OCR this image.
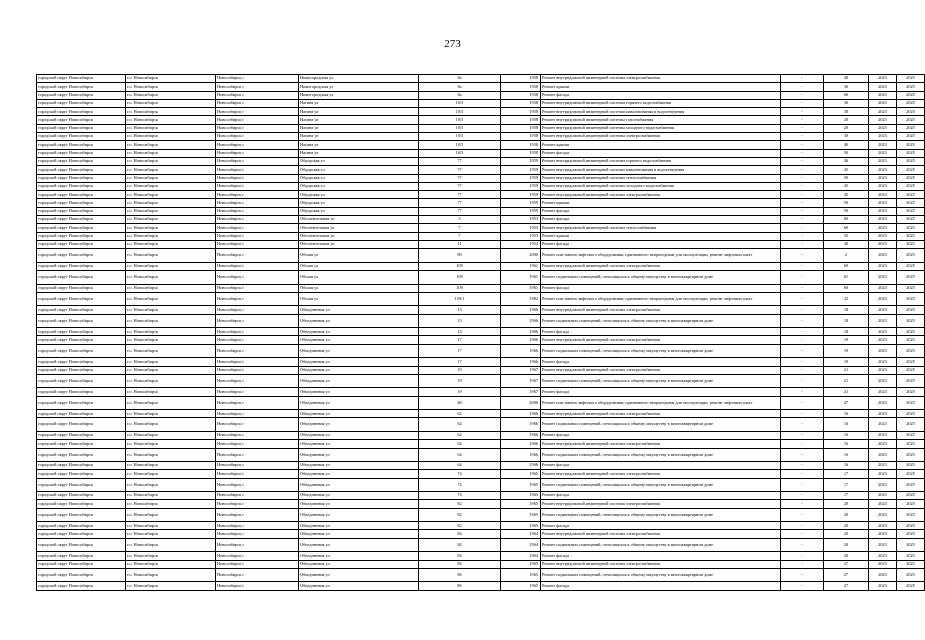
273
городской округ Новосибирск	г.о. Новосибирск	Новосибирск г	Нижегородская ул	8а	1958	Ремонт внутридомовой инженерной системы электроснабжения	-	40	2023	2025
городской округ Новосибирск	г.о. Новосибирск	Новосибирск г	Нижегородская ул	8а	1958	Ремонт крыши	-	30	2023	2025
городской округ Новосибирск	г.о. Новосибирск	Новосибирск г	Нижегородская ул	8а	1958	Ремонт фасада	-	60	2023	2025
городской округ Новосибирск	г.о. Новосибирск	Новосибирск г	Нагина ул	10/5	1958	Ремонт внутридомовой инженерной системы горячего водоснабжения	-	30	2023	2025
городской округ Новосибирск	г.о. Новосибирск	Новосибирск г	Нагина ул	10/5	1958	Ремонт внутридомовой инженерной системы канализования и водоотведения	-	30	2023	2025
городской округ Новосибирск	г.о. Новосибирск	Новосибирск г	Нагина ул	10/5	1958	Ремонт внутридомовой инженерной системы газоснабжения	-	20	2023	2025
городской округ Новосибирск	г.о. Новосибирск	Новосибирск г	Нагина ул	10/5	1958	Ремонт внутридомовой инженерной системы холодного водоснабжения	-	20	2023	2025
городской округ Новосибирск	г.о. Новосибирск	Новосибирск г	Нагина ул	10/5	1958	Ремонт внутридомовой инженерной системы электроснабжения	-	30	2023	2025
городской округ Новосибирск	г.о. Новосибирск	Новосибирск г	Нагина ул	10/5	1958	Ремонт крыши	-	40	2023	2025
городской округ Новосибирск	г.о. Новосибирск	Новосибирск г	Нагина ул	10/5	1958	Ремонт фасада	-	50	2023	2025
городской округ Новосибирск	г.о. Новосибирск	Новосибирск г	Обдорская ул	77	1959	Ремонт внутридомовой инженерной системы горячего водоснабжения	-	46	2023	2025
городской округ Новосибирск	г.о. Новосибирск	Новосибирск г	Обдорская ул	77	1959	Ремонт внутридомовой инженерной системы канализования и водоотведения	-	45	2023	2025
городской округ Новосибирск	г.о. Новосибирск	Новосибирск г	Обдорская ул	77	1959	Ремонт внутридомовой инженерной системы теплоснабжения	-	50	2023	2025
городской округ Новосибирск	г.о. Новосибирск	Новосибирск г	Обдорская ул	77	1959	Ремонт внутридомовой инженерной системы холодного водоснабжения	-	45	2023	2025
городской округ Новосибирск	г.о. Новосибирск	Новосибирск г	Обдорская ул	77	1959	Ремонт внутридомовой инженерной системы электроснабжения	-	45	2023	2025
городской округ Новосибирск	г.о. Новосибирск	Новосибирск г	Обдорская ул	77	1959	Ремонт крыши	-	50	2023	2025
городской округ Новосибирск	г.о. Новосибирск	Новосибирск г	Обдорская ул	77	1959	Ремонт фасада	-	50	2023	2025
городской округ Новосибирск	г.о. Новосибирск	Новосибирск г	Обогатительная ул	3	1953	Ремонт фасада	-	60	2023	2025
городской округ Новосибирск	г.о. Новосибирск	Новосибирск г	Обогатительная ул	7	1953	Ремонт внутридомовой инженерной системы теплоснабжения	-	60	2023	2025
городской округ Новосибирск	г.о. Новосибирск	Новосибирск г	Обогатительная ул	7	1953	Ремонт крыши	-	55	2023	2025
городской округ Новосибирск	г.о. Новосибирск	Новосибирск г	Обогатительная ул	11	1954	Ремонт фасада	-	40	2023	2025
городской округ Новосибирск	г.о. Новосибирск	Новосибирск г	Обская ул	80	2000	Ремонт или замена лифтового оборудования, признанного непригодным для эксплуатации, ремонт лифтовых шахт	-	2	2023	2025
городской округ Новосибирск	г.о. Новосибирск	Новосибирск г	Обская ул	109	1961	Ремонт внутридомовой инженерной системы электроснабжения	-	60	2023	2025
городской округ Новосибирск	г.о. Новосибирск	Новосибирск г	Обская ул	109	1961	Ремонт подвальных помещений, относящихся к общему имуществу в многоквартирном доме	-	61	2023	2025
городской округ Новосибирск	г.о. Новосибирск	Новосибирск г	Обская ул	109	1961	Ремонт фасада	-	60	2023	2025
городской округ Новосибирск	г.о. Новосибирск	Новосибирск г	Обская ул	139/1	1982	Ремонт или замена лифтового оборудования, признанного непригодным для эксплуатации, ремонт лифтовых шахт	-	22	2023	2025
городской округ Новосибирск	г.о. Новосибирск	Новосибирск г	Объединения ул	13	1966	Ремонт внутридомовой инженерной системы электроснабжения	-	18	2023	2025
городской округ Новосибирск	г.о. Новосибирск	Новосибирск г	Объединения ул	13	1966	Ремонт подвальных помещений, относящихся к общему имуществу в многоквартирном доме	-	18	2023	2025
городской округ Новосибирск	г.о. Новосибирск	Новосибирск г	Объединения ул	13	1966	Ремонт фасада	-	18	2023	2025
городской округ Новосибирск	г.о. Новосибирск	Новосибирск г	Объединения ул	17	1966	Ремонт внутридомовой инженерной системы электроснабжения	-	19	2023	2025
городской округ Новосибирск	г.о. Новосибирск	Новосибирск г	Объединения ул	17	1966	Ремонт подвальных помещений, относящихся к общему имуществу в многоквартирном доме	-	19	2023	2025
городской округ Новосибирск	г.о. Новосибирск	Новосибирск г	Объединения ул	17	1966	Ремонт фасада	-	19	2023	2025
городской округ Новосибирск	г.о. Новосибирск	Новосибирск г	Объединения ул	19	1967	Ремонт внутридомовой инженерной системы электроснабжения	-	21	2023	2025
городской округ Новосибирск	г.о. Новосибирск	Новосибирск г	Объединения ул	19	1967	Ремонт подвальных помещений, относящихся к общему имуществу в многоквартирном доме	-	21	2023	2025
городской округ Новосибирск	г.о. Новосибирск	Новосибирск г	Объединения ул	19	1967	Ремонт фасада	-	21	2023	2025
городской округ Новосибирск	г.о. Новосибирск	Новосибирск г	Объединения ул	48	2000	Ремонт или замена лифтового оборудования, признанного непригодным для эксплуатации, ремонт лифтовых шахт	-	47	2023	2025
городской округ Новосибирск	г.о. Новосибирск	Новосибирск г	Объединения ул	62	1966	Ремонт внутридомовой инженерной системы электроснабжения	-	16	2023	2025
городской округ Новосибирск	г.о. Новосибирск	Новосибирск г	Объединения ул	62	1966	Ремонт подвальных помещений, относящихся к общему имуществу в многоквартирном доме	-	16	2023	2025
городской округ Новосибирск	г.о. Новосибирск	Новосибирск г	Объединения ул	62	1966	Ремонт фасада	-	16	2023	2025
городской округ Новосибирск	г.о. Новосибирск	Новосибирск г	Объединения ул	64	1966	Ремонт внутридомовой инженерной системы электроснабжения	-	16	2023	2025
городской округ Новосибирск	г.о. Новосибирск	Новосибирск г	Объединения ул	64	1966	Ремонт подвальных помещений, относящихся к общему имуществу в многоквартирном доме	-	16	2023	2025
городской округ Новосибирск	г.о. Новосибирск	Новосибирск г	Объединения ул	64	1966	Ремонт фасада	-	16	2023	2025
городской округ Новосибирск	г.о. Новосибирск	Новосибирск г	Объединения ул	74	1965	Ремонт внутридомовой инженерной системы электроснабжения	-	17	2023	2025
городской округ Новосибирск	г.о. Новосибирск	Новосибирск г	Объединения ул	74	1965	Ремонт подвальных помещений, относящихся к общему имуществу в многоквартирном доме	-	17	2023	2025
городской округ Новосибирск	г.о. Новосибирск	Новосибирск г	Объединения ул	74	1965	Ремонт фасада	-	17	2023	2025
городской округ Новосибирск	г.о. Новосибирск	Новосибирск г	Объединения ул	82	1965	Ремонт внутридомовой инженерной системы электроснабжения	-	20	2023	2025
городской округ Новосибирск	г.о. Новосибирск	Новосибирск г	Объединения ул	82	1965	Ремонт подвальных помещений, относящихся к общему имуществу в многоквартирном доме	-	20	2023	2025
городской округ Новосибирск	г.о. Новосибирск	Новосибирск г	Объединения ул	82	1965	Ремонт фасада	-	20	2023	2025
городской округ Новосибирск	г.о. Новосибирск	Новосибирск г	Объединения ул	84	1964	Ремонт внутридомовой инженерной системы электроснабжения	-	20	2023	2025
городской округ Новосибирск	г.о. Новосибирск	Новосибирск г	Объединения ул	84	1964	Ремонт подвальных помещений, относящихся к общему имуществу в многоквартирном доме	-	20	2023	2025
городской округ Новосибирск	г.о. Новосибирск	Новосибирск г	Объединения ул	84	1964	Ремонт фасада	-	20	2023	2025
городской округ Новосибирск	г.о. Новосибирск	Новосибирск г	Объединения ул	86	1965	Ремонт внутридомовой инженерной системы электроснабжения	-	27	2023	2025
городской округ Новосибирск	г.о. Новосибирск	Новосибирск г	Объединения ул	86	1965	Ремонт подвальных помещений, относящихся к общему имуществу в многоквартирном доме	-	27	2023	2025
городской округ Новосибирск	г.о. Новосибирск	Новосибирск г	Объединения ул	86	1965	Ремонт фасада	-	27	2023	2025
